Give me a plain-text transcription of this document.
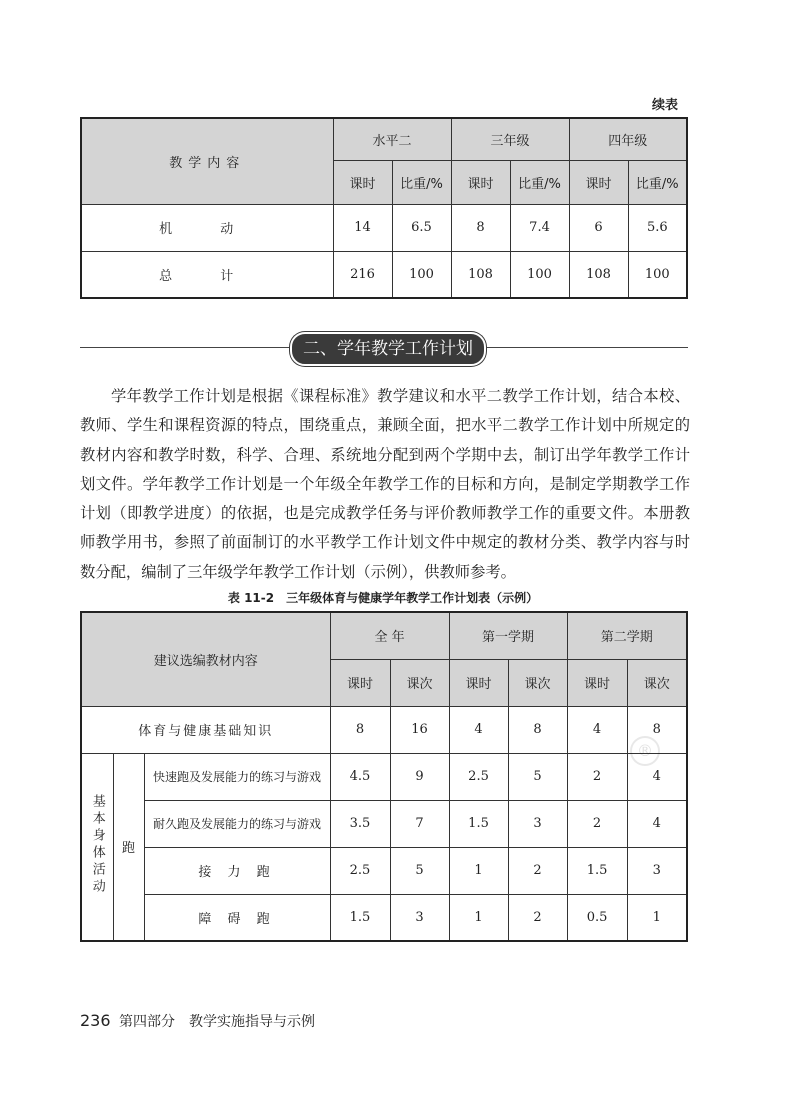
续表
教学内容	水平二		三年级		四年级	
	课时	比重/%	课时	比重/%	课时	比重/%
机 动	14	6.5	8	7.4	6	5.6
总 计	216	100	108	100	108	100
二、学年教学工作计划
学年教学工作计划是根据《课程标准》教学建议和水平二教学工作计划，结合本校、教师、学生和课程资源的特点，围绕重点，兼顾全面，把水平二教学工作计划中所规定的教材内容和教学时数，科学、合理、系统地分配到两个学期中去，制订出学年教学工作计划文件。学年教学工作计划是一个年级全年教学工作的目标和方向，是制定学期教学工作计划（即教学进度）的依据，也是完成教学任务与评价教师教学工作的重要文件。本册教师教学用书，参照了前面制订的水平教学工作计划文件中规定的教材分类、教学内容与时数分配，编制了三年级学年教学工作计划（示例），供教师参考。
表 11-2　三年级体育与健康学年教学工作计划表（示例）
建议选编教材内容			全 年		第一学期		第二学期	
			课时	课次	课时	课次	课时	课次
体育与健康基础知识			8	16	4	8	4	8
基本身体活动	跑	快速跑及发展能力的练习与游戏	4.5	9	2.5	5	2	4
		耐久跑及发展能力的练习与游戏	3.5	7	1.5	3	2	4
		接 力 跑	2.5	5	1	2	1.5	3
		障 碍 跑	1.5	3	1	2	0.5	1
®
236 第四部分　教学实施指导与示例
